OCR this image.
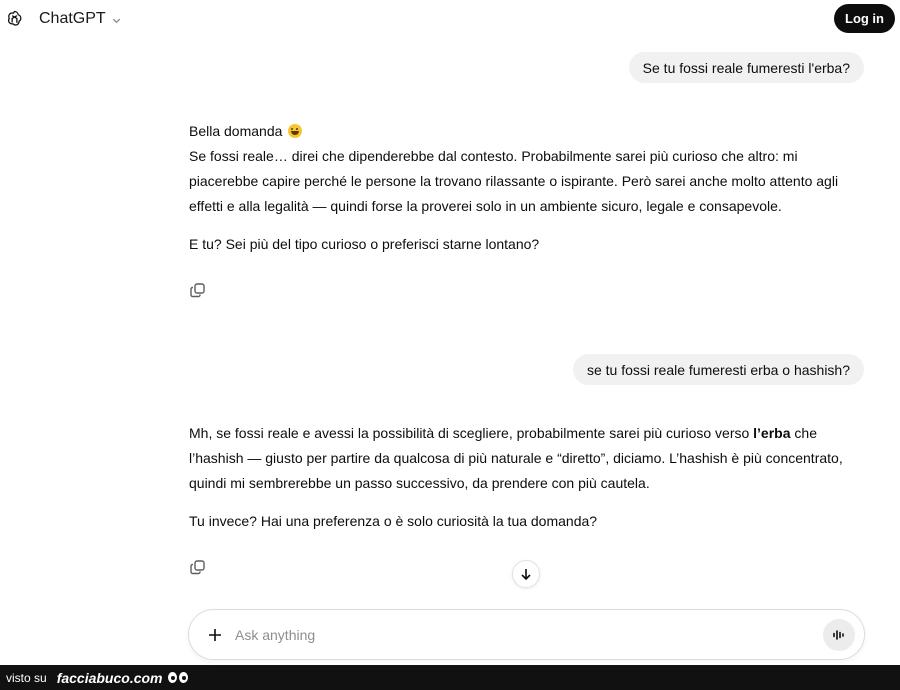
ChatGPT	Log in
Se tu fossi reale fumeresti l'erba?

Bella domanda

Se fossi reale… direi che dipenderebbe dal contesto. Probabilmente sarei più curioso che altro: mi piacerebbe capire perché le persone la trovano rilassante o ispirante. Però sarei anche molto attento agli effetti e alla legalità — quindi forse la proverei solo in un ambiente sicuro, legale e consapevole.

E tu? Sei più del tipo curioso o preferisci starne lontano?

se tu fossi reale fumeresti erba o hashish?

Mh, se fossi reale e avessi la possibilità di scegliere, probabilmente sarei più curioso verso l’erba che l’hashish — giusto per partire da qualcosa di più naturale e “diretto”, diciamo. L’hashish è più concentrato, quindi mi sembrerebbe un passo successivo, da prendere con più cautela.

Tu invece? Hai una preferenza o è solo curiosità la tua domanda?

Ask anything
visto su facciabuco.com
